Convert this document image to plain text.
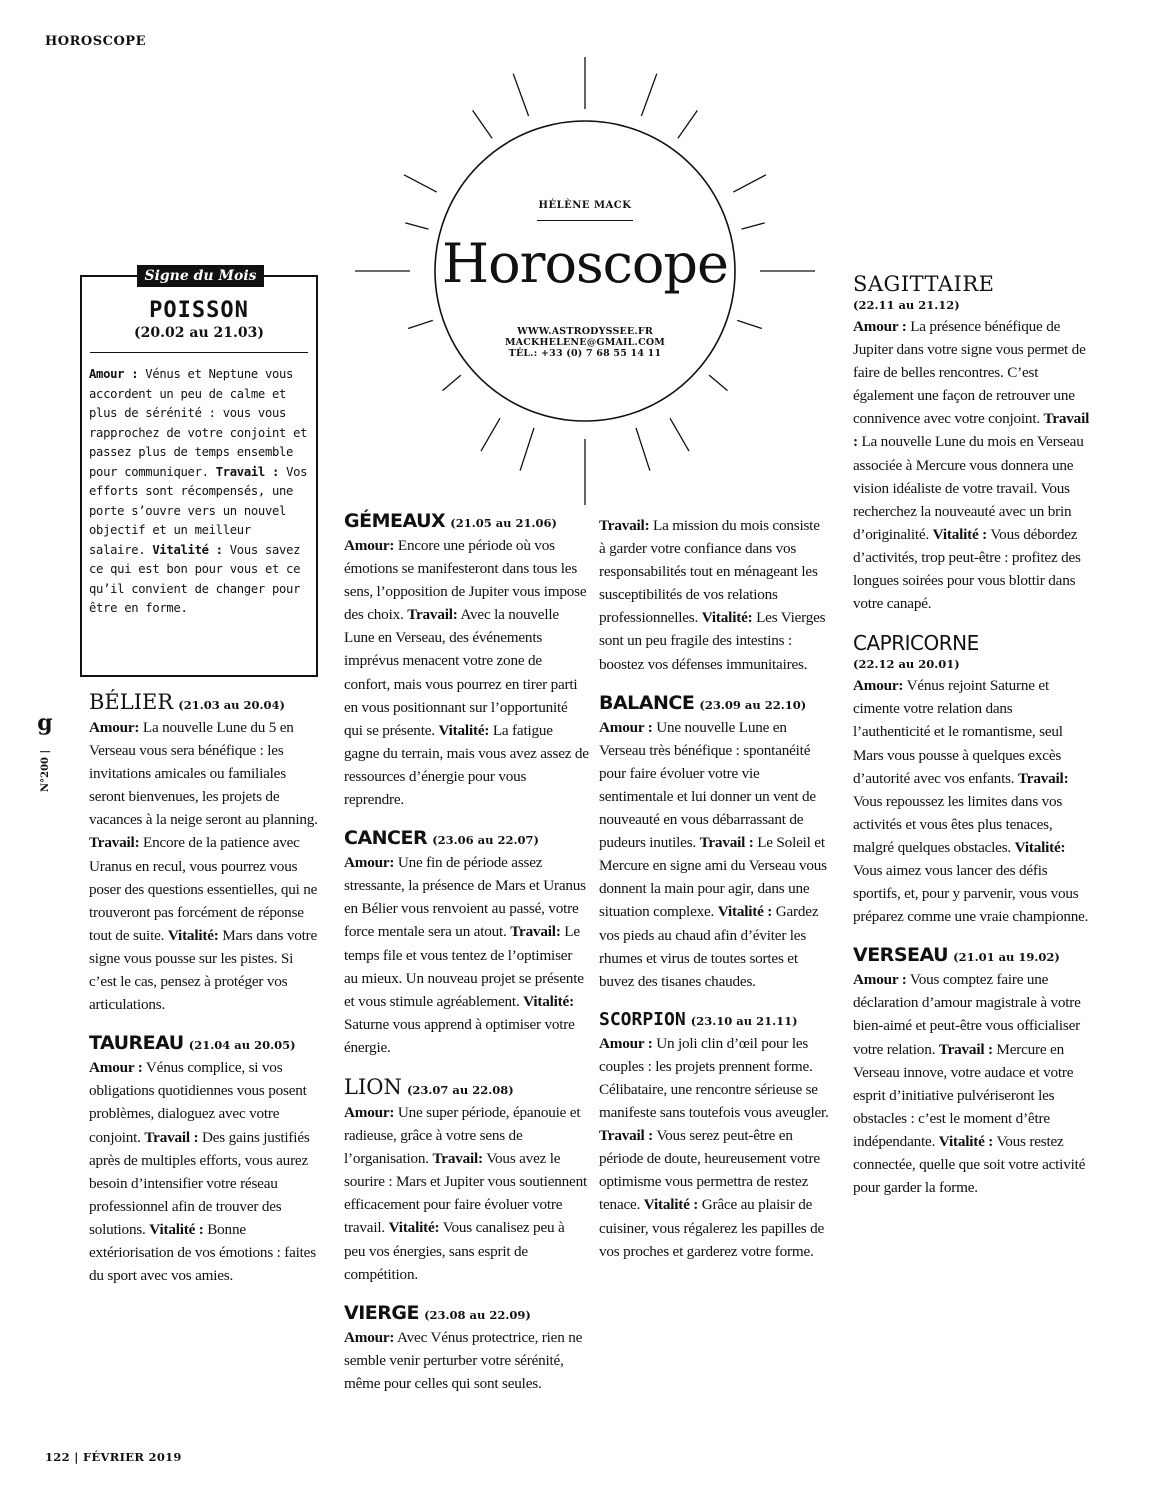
HOROSCOPE
g
N°200 |
HÉLÈNE MACK
Horoscope
WWW.ASTRODYSSEE.FR
MACKHELENE@GMAIL.COM
TÉL.: +33 (0) 7 68 55 14 11
Signe du Mois
POISSON
(20.02 au 21.03)
Amour : Vénus et Neptune vous accordent un peu de calme et plus de sérénité : vous vous rapprochez de votre conjoint et passez plus de temps ensemble pour communiquer. Travail : Vos efforts sont récompensés, une porte s’ouvre vers un nouvel objectif et un meilleur salaire. Vitalité : Vous savez ce qui est bon pour vous et ce qu’il convient de changer pour être en forme.
BÉLIER (21.03 au 20.04)
Amour: La nouvelle Lune du 5 en Verseau vous sera bénéfique : les invitations amicales ou familiales seront bienvenues, les projets de vacances à la neige seront au planning. Travail: Encore de la patience avec Uranus en recul, vous pourrez vous poser des questions essentielles, qui ne trouveront pas forcément de réponse tout de suite. Vitalité: Mars dans votre signe vous pousse sur les pistes. Si c’est le cas, pensez à protéger vos articulations.
TAUREAU (21.04 au 20.05)
Amour : Vénus complice, si vos obligations quotidiennes vous posent problèmes, dialoguez avec votre conjoint. Travail : Des gains justifiés après de multiples efforts, vous aurez besoin d’intensifier votre réseau professionnel afin de trouver des solutions. Vitalité : Bonne extériorisation de vos émotions : faites du sport avec vos amies.
GÉMEAUX (21.05 au 21.06)
Amour: Encore une période où vos émotions se manifesteront dans tous les sens, l’opposition de Jupiter vous impose des choix. Travail: Avec la nouvelle Lune en Verseau, des événements imprévus menacent votre zone de confort, mais vous pourrez en tirer parti en vous positionnant sur l’opportunité qui se présente. Vitalité: La fatigue gagne du terrain, mais vous avez assez de ressources d’énergie pour vous reprendre.
CANCER (23.06 au 22.07)
Amour: Une fin de période assez stressante, la présence de Mars et Uranus en Bélier vous renvoient au passé, votre force mentale sera un atout. Travail: Le temps file et vous tentez de l’optimiser au mieux. Un nouveau projet se présente et vous stimule agréablement. Vitalité: Saturne vous apprend à optimiser votre énergie.
LION (23.07 au 22.08)
Amour: Une super période, épanouie et radieuse, grâce à votre sens de l’organisation. Travail: Vous avez le sourire : Mars et Jupiter vous soutiennent efficacement pour faire évoluer votre travail. Vitalité: Vous canalisez peu à peu vos énergies, sans esprit de compétition.
VIERGE (23.08 au 22.09)
Amour: Avec Vénus protectrice, rien ne semble venir perturber votre sérénité, même pour celles qui sont seules.
Travail: La mission du mois consiste à garder votre confiance dans vos responsabilités tout en ménageant les susceptibilités de vos relations professionnelles. Vitalité: Les Vierges sont un peu fragile des intestins : boostez vos défenses immunitaires.
BALANCE (23.09 au 22.10)
Amour : Une nouvelle Lune en Verseau très bénéfique : spontanéité pour faire évoluer votre vie sentimentale et lui donner un vent de nouveauté en vous débarrassant de pudeurs inutiles. Travail : Le Soleil et Mercure en signe ami du Verseau vous donnent la main pour agir, dans une situation complexe. Vitalité : Gardez vos pieds au chaud afin d’éviter les rhumes et virus de toutes sortes et buvez des tisanes chaudes.
SCORPION (23.10 au 21.11)
Amour : Un joli clin d’œil pour les couples : les projets prennent forme. Célibataire, une rencontre sérieuse se manifeste sans toutefois vous aveugler. Travail : Vous serez peut-être en période de doute, heureusement votre optimisme vous permettra de restez tenace. Vitalité : Grâce au plaisir de cuisiner, vous régalerez les papilles de vos proches et garderez votre forme.
SAGITTAIRE
(22.11 au 21.12)
Amour : La présence bénéfique de Jupiter dans votre signe vous permet de faire de belles rencontres. C’est également une façon de retrouver une connivence avec votre conjoint. Travail : La nouvelle Lune du mois en Verseau associée à Mercure vous donnera une vision idéaliste de votre travail. Vous recherchez la nouveauté avec un brin d’originalité. Vitalité : Vous débordez d’activités, trop peut-être : profitez des longues soirées pour vous blottir dans votre canapé.
CAPRICORNE
(22.12 au 20.01)
Amour: Vénus rejoint Saturne et cimente votre relation dans l’authenticité et le romantisme, seul Mars vous pousse à quelques excès d’autorité avec vos enfants. Travail: Vous repoussez les limites dans vos activités et vous êtes plus tenaces, malgré quelques obstacles. Vitalité: Vous aimez vous lancer des défis sportifs, et, pour y parvenir, vous vous préparez comme une vraie championne.
VERSEAU (21.01 au 19.02)
Amour : Vous comptez faire une déclaration d’amour magistrale à votre bien-aimé et peut-être vous officialiser votre relation. Travail : Mercure en Verseau innove, votre audace et votre esprit d’initiative pulvériseront les obstacles : c’est le moment d’être indépendante. Vitalité : Vous restez connectée, quelle que soit votre activité pour garder la forme.
122 | FÉVRIER 2019
